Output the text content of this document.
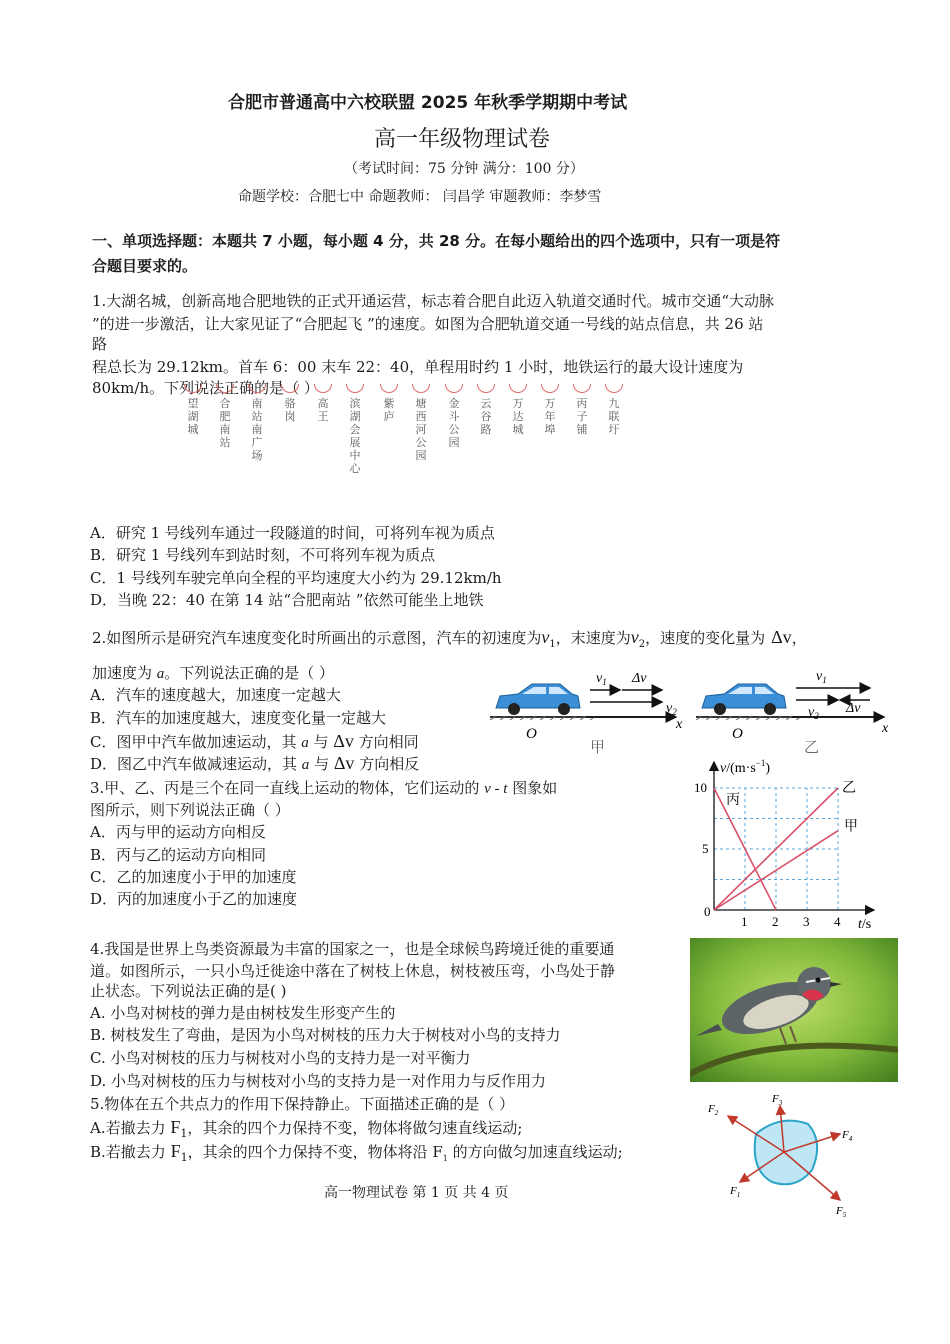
合肥市普通高中六校联盟 2025 年秋季学期期中考试
高一年级物理试卷
（考试时间：75 分钟 满分：100 分）
命题学校：合肥七中 命题教师： 闫昌学 审题教师：李梦雪
一、单项选择题：本题共 7 小题，每小题 4 分，共 28 分。在每小题给出的四个选项中，只有一项是符
合题目要求的。
1.大湖名城，创新高地合肥地铁的正式开通运营，标志着合肥自此迈入轨道交通时代。城市交通“大动脉
”的进一步激活，让大家见证了“合肥起飞 ”的速度。如图为合肥轨道交通一号线的站点信息，共 26 站
路
程总长为 29.12km。首车 6：00 末车 22：40，单程用时约 1 小时，地铁运行的最大设计速度为
80km/h。下列说法正确的是（ ）
望湖城
合肥南站
南站南广场
骆岗
高王
滨湖会展中心
紫庐
塘西河公园
金斗公园
云谷路
万达城
万年埠
丙子铺
九联圩
A．研究 1 号线列车通过一段隧道的时间，可将列车视为质点
B．研究 1 号线列车到站时刻，不可将列车视为质点
C．1 号线列车驶完单向全程的平均速度大小约为 29.12km/h
D．当晚 22：40 在第 14 站“合肥南站 ”依然可能坐上地铁
2.如图所示是研究汽车速度变化时所画出的示意图，汽车的初速度为$v_1$，末速度为$v_2$，速度的变化量为 Δv，
加速度为 a。下列说法正确的是（ ）
A．汽车的速度越大，加速度一定越大
B．汽车的加速度越大，速度变化量一定越大
C．图甲中汽车做加速运动，其 a 与 Δv 方向相同
D．图乙中汽车做减速运动，其 a 与 Δv 方向相反
$v_1$ Δv
$v_2$
O
x
甲
$v_1$
$v_2$ Δv
O	x
乙
3.甲、乙、丙是三个在同一直线上运动的物体，它们运动的 v - t 图象如
图所示，则下列说法正确（ ）
A．丙与甲的运动方向相反
B．丙与乙的运动方向相同
C．乙的加速度小于甲的加速度
D．丙的加速度小于乙的加速度
1 2 3 4
5
10
甲
乙
丙
$v/(m\cdot s^{-1})$
t/s
0
4.我国是世界上鸟类资源最为丰富的国家之一，也是全球候鸟跨境迁徙的重要通
道。如图所示，一只小鸟迁徙途中落在了树枝上休息，树枝被压弯，小鸟处于静
止状态。下列说法正确的是( )
A. 小鸟对树枝的弹力是由树枝发生形变产生的
B. 树枝发生了弯曲，是因为小鸟对树枝的压力大于树枝对小鸟的支持力
C. 小鸟对树枝的压力与树枝对小鸟的支持力是一对平衡力
D. 小鸟对树枝的压力与树枝对小鸟的支持力是一对作用力与反作用力
5.物体在五个共点力的作用下保持静止。下面描述正确的是（ ）
A.若撤去力 $F_1$，其余的四个力保持不变，物体将做匀速直线运动;
B.若撤去力 $F_1$，其余的四个力保持不变，物体将沿 $F_1$ 的方向做匀加速直线运动;
$F_2$
$F_3$
$F_4$
$F_5$
$F_1$
高一物理试卷 第 1 页 共 4 页
